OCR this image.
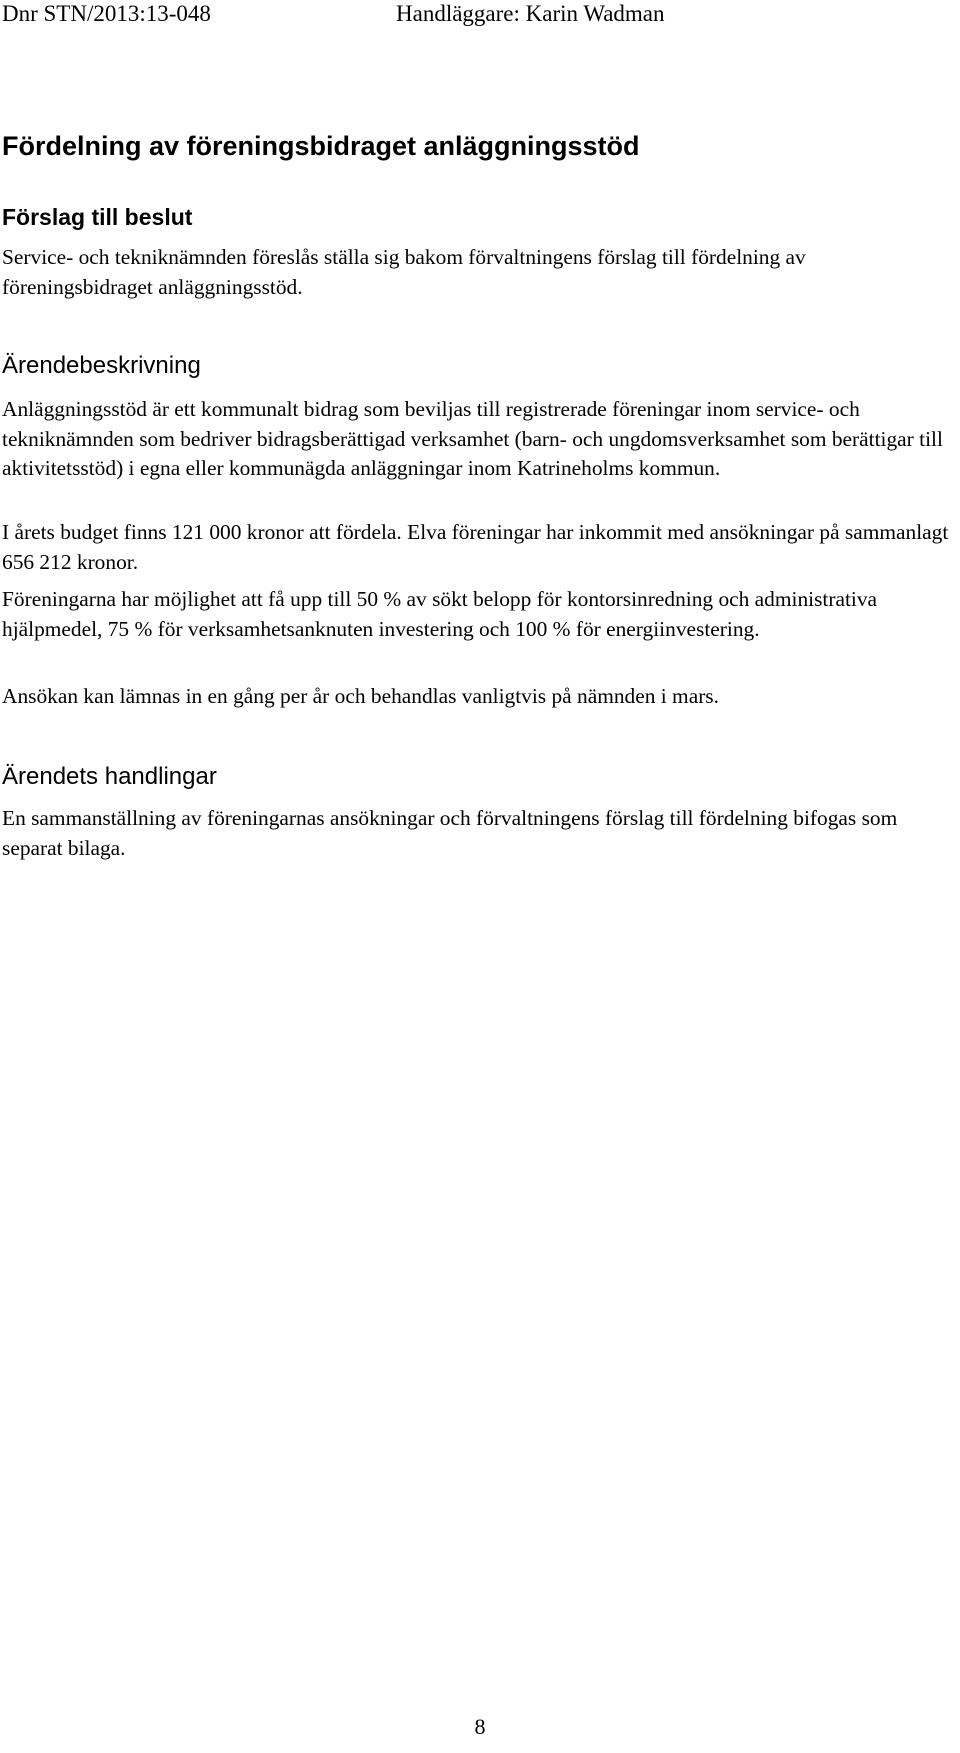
Dnr STN/2013:13-048	Handläggare: Karin Wadman
Fördelning av föreningsbidraget anläggningsstöd
Förslag till beslut

Service- och tekniknämnden föreslås ställa sig bakom förvaltningens förslag till fördelning av föreningsbidraget anläggningsstöd.

Ärendebeskrivning

Anläggningsstöd är ett kommunalt bidrag som beviljas till registrerade föreningar inom service- och tekniknämnden som bedriver bidragsberättigad verksamhet (barn- och ungdomsverksamhet som berättigar till aktivitetsstöd) i egna eller kommunägda anläggningar inom Katrineholms kommun.

I årets budget finns 121 000 kronor att fördela. Elva föreningar har inkommit med ansökningar på sammanlagt 656 212 kronor.

Föreningarna har möjlighet att få upp till 50 % av sökt belopp för kontorsinredning och administrativa hjälpmedel, 75 % för verksamhetsanknuten investering och 100 % för energiinvestering.

Ansökan kan lämnas in en gång per år och behandlas vanligtvis på nämnden i mars.

Ärendets handlingar

En sammanställning av föreningarnas ansökningar och förvaltningens förslag till fördelning bifogas som separat bilaga.

8
